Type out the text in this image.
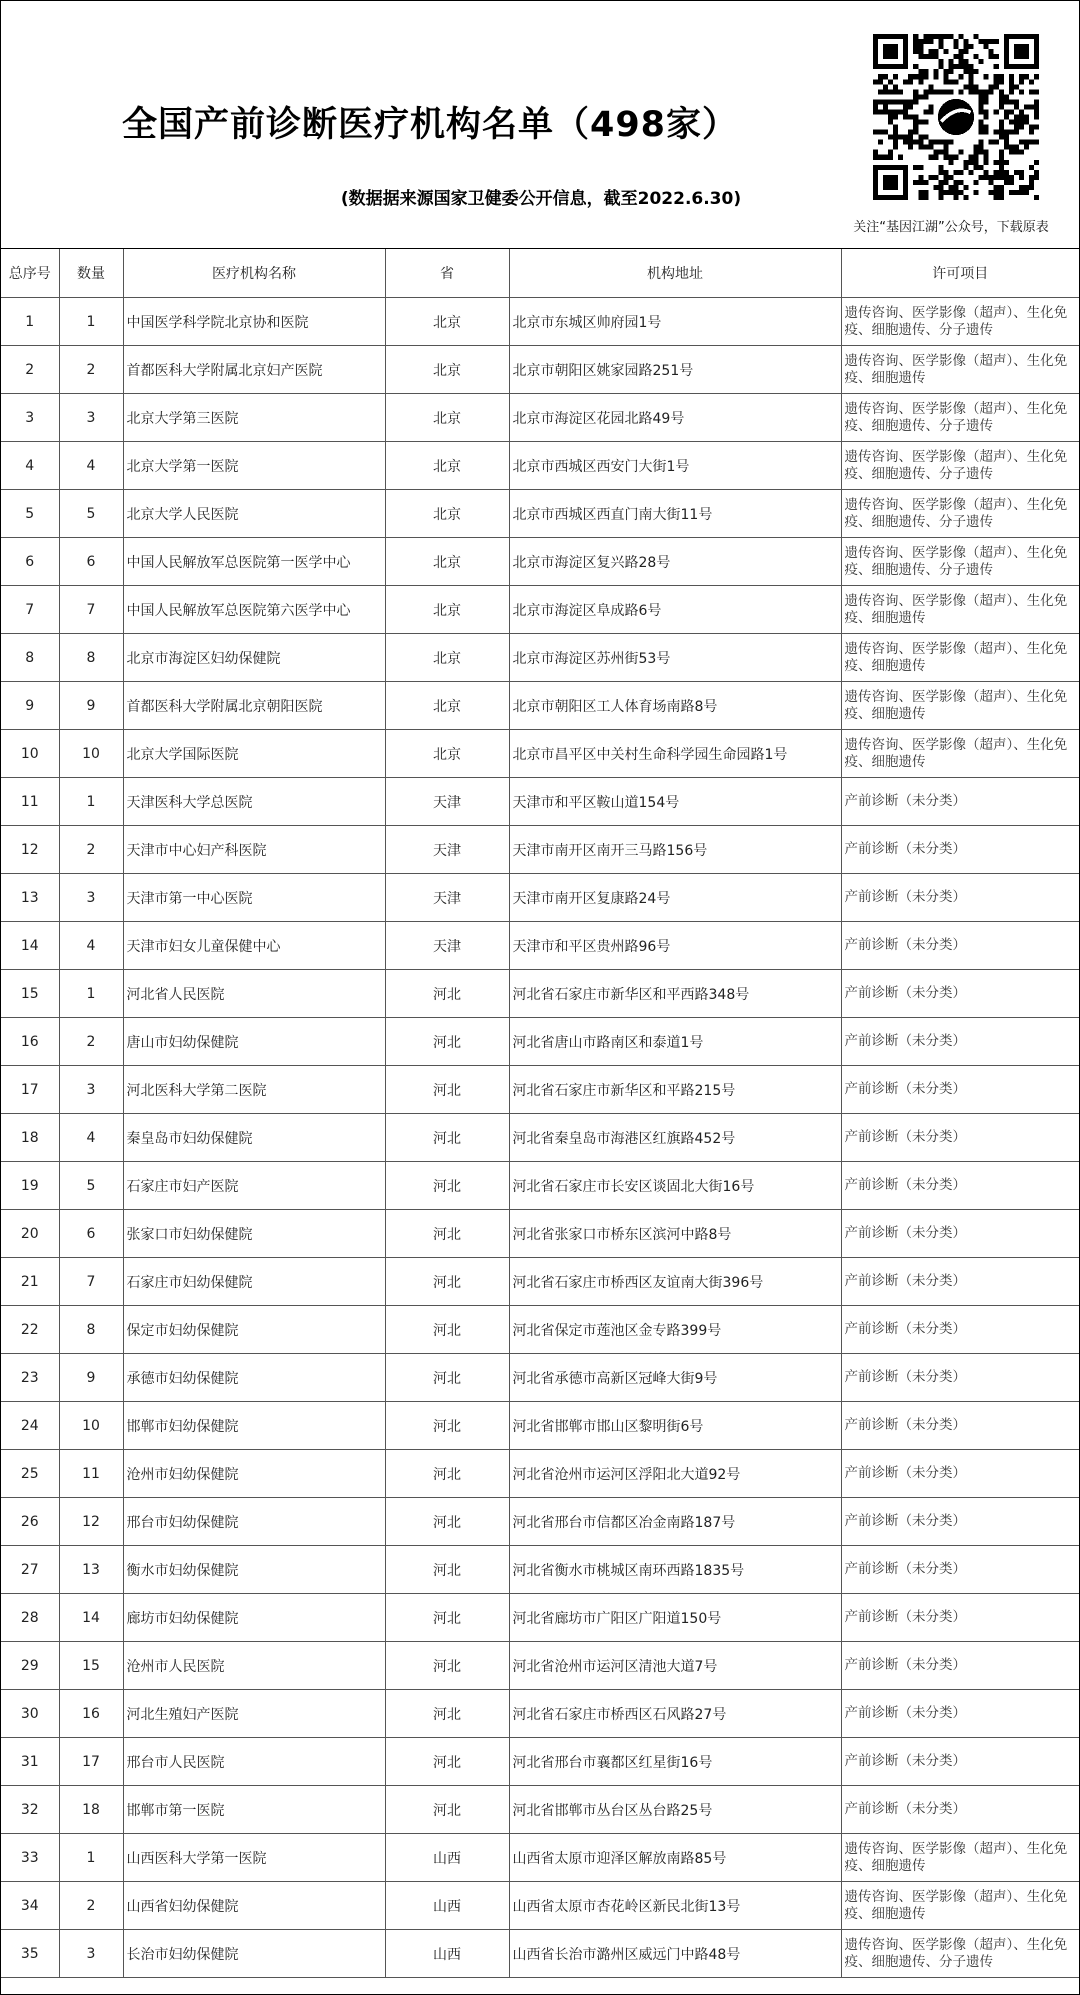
全国产前诊断医疗机构名单（498家）
(数据据来源国家卫健委公开信息，截至2022.6.30)
关注“基因江湖”公众号，下载原表
总序号	数量	医疗机构名称	省	机构地址	许可项目
1	1	中国医学科学院北京协和医院	北京	北京市东城区帅府园1号	遗传咨询、医学影像（超声）、生化免疫、细胞遗传、分子遗传
2	2	首都医科大学附属北京妇产医院	北京	北京市朝阳区姚家园路251号	遗传咨询、医学影像（超声）、生化免疫、细胞遗传
3	3	北京大学第三医院	北京	北京市海淀区花园北路49号	遗传咨询、医学影像（超声）、生化免疫、细胞遗传、分子遗传
4	4	北京大学第一医院	北京	北京市西城区西安门大街1号	遗传咨询、医学影像（超声）、生化免疫、细胞遗传、分子遗传
5	5	北京大学人民医院	北京	北京市西城区西直门南大街11号	遗传咨询、医学影像（超声）、生化免疫、细胞遗传、分子遗传
6	6	中国人民解放军总医院第一医学中心	北京	北京市海淀区复兴路28号	遗传咨询、医学影像（超声）、生化免疫、细胞遗传、分子遗传
7	7	中国人民解放军总医院第六医学中心	北京	北京市海淀区阜成路6号	遗传咨询、医学影像（超声）、生化免疫、细胞遗传
8	8	北京市海淀区妇幼保健院	北京	北京市海淀区苏州街53号	遗传咨询、医学影像（超声）、生化免疫、细胞遗传
9	9	首都医科大学附属北京朝阳医院	北京	北京市朝阳区工人体育场南路8号	遗传咨询、医学影像（超声）、生化免疫、细胞遗传
10	10	北京大学国际医院	北京	北京市昌平区中关村生命科学园生命园路1号	遗传咨询、医学影像（超声）、生化免疫、细胞遗传
11	1	天津医科大学总医院	天津	天津市和平区鞍山道154号	产前诊断（未分类）
12	2	天津市中心妇产科医院	天津	天津市南开区南开三马路156号	产前诊断（未分类）
13	3	天津市第一中心医院	天津	天津市南开区复康路24号	产前诊断（未分类）
14	4	天津市妇女儿童保健中心	天津	天津市和平区贵州路96号	产前诊断（未分类）
15	1	河北省人民医院	河北	河北省石家庄市新华区和平西路348号	产前诊断（未分类）
16	2	唐山市妇幼保健院	河北	河北省唐山市路南区和泰道1号	产前诊断（未分类）
17	3	河北医科大学第二医院	河北	河北省石家庄市新华区和平路215号	产前诊断（未分类）
18	4	秦皇岛市妇幼保健院	河北	河北省秦皇岛市海港区红旗路452号	产前诊断（未分类）
19	5	石家庄市妇产医院	河北	河北省石家庄市长安区谈固北大街16号	产前诊断（未分类）
20	6	张家口市妇幼保健院	河北	河北省张家口市桥东区滨河中路8号	产前诊断（未分类）
21	7	石家庄市妇幼保健院	河北	河北省石家庄市桥西区友谊南大街396号	产前诊断（未分类）
22	8	保定市妇幼保健院	河北	河北省保定市莲池区金专路399号	产前诊断（未分类）
23	9	承德市妇幼保健院	河北	河北省承德市高新区冠峰大街9号	产前诊断（未分类）
24	10	邯郸市妇幼保健院	河北	河北省邯郸市邯山区黎明街6号	产前诊断（未分类）
25	11	沧州市妇幼保健院	河北	河北省沧州市运河区浮阳北大道92号	产前诊断（未分类）
26	12	邢台市妇幼保健院	河北	河北省邢台市信都区冶金南路187号	产前诊断（未分类）
27	13	衡水市妇幼保健院	河北	河北省衡水市桃城区南环西路1835号	产前诊断（未分类）
28	14	廊坊市妇幼保健院	河北	河北省廊坊市广阳区广阳道150号	产前诊断（未分类）
29	15	沧州市人民医院	河北	河北省沧州市运河区清池大道7号	产前诊断（未分类）
30	16	河北生殖妇产医院	河北	河北省石家庄市桥西区石风路27号	产前诊断（未分类）
31	17	邢台市人民医院	河北	河北省邢台市襄都区红星街16号	产前诊断（未分类）
32	18	邯郸市第一医院	河北	河北省邯郸市丛台区丛台路25号	产前诊断（未分类）
33	1	山西医科大学第一医院	山西	山西省太原市迎泽区解放南路85号	遗传咨询、医学影像（超声）、生化免疫、细胞遗传
34	2	山西省妇幼保健院	山西	山西省太原市杏花岭区新民北街13号	遗传咨询、医学影像（超声）、生化免疫、细胞遗传
35	3	长治市妇幼保健院	山西	山西省长治市潞州区威远门中路48号	遗传咨询、医学影像（超声）、生化免疫、细胞遗传、分子遗传
